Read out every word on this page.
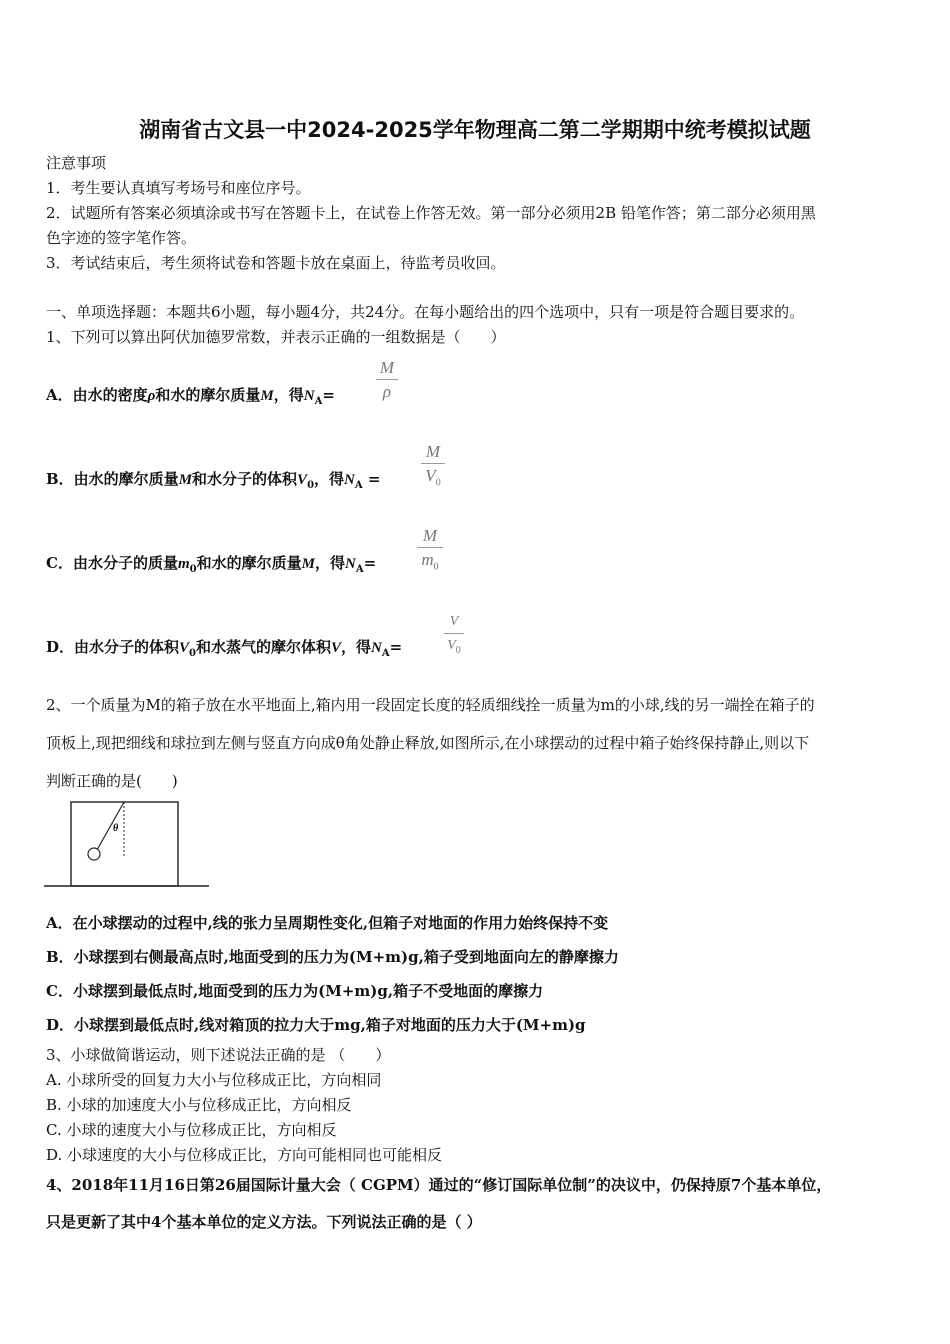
湖南省古文县一中2024-2025学年物理高二第二学期期中统考模拟试题
注意事项
1．考生要认真填写考场号和座位序号。
2．试题所有答案必须填涂或书写在答题卡上，在试卷上作答无效。第一部分必须用2B 铅笔作答；第二部分必须用黑
色字迹的签字笔作答。
3．考试结束后，考生须将试卷和答题卡放在桌面上，待监考员收回。
一、单项选择题：本题共6小题，每小题4分，共24分。在每小题给出的四个选项中，只有一项是符合题目要求的。
1、下列可以算出阿伏加德罗常数，并表示正确的一组数据是（　　）
A．由水的密度ρ和水的摩尔质量M，得$N_A=$
M
ρ
B．由水的摩尔质量M和水分子的体积$V_0$，得$N_A$ =
M
$V_0$
C．由水分子的质量$m_0$和水的摩尔质量M，得$N_A=$
M
$m_0$
D．由水分子的体积$V_0$和水蒸气的摩尔体积V，得$N_A=$
V
$V_0$
2、一个质量为M的箱子放在水平地面上,箱内用一段固定长度的轻质细线拴一质量为m的小球,线的另一端拴在箱子的
顶板上,现把细线和球拉到左侧与竖直方向成θ角处静止释放,如图所示,在小球摆动的过程中箱子始终保持静止,则以下
判断正确的是(　　)
θ
A．在小球摆动的过程中,线的张力呈周期性变化,但箱子对地面的作用力始终保持不变
B．小球摆到右侧最高点时,地面受到的压力为(M+m)g,箱子受到地面向左的静摩擦力
C．小球摆到最低点时,地面受到的压力为(M+m)g,箱子不受地面的摩擦力
D．小球摆到最低点时,线对箱顶的拉力大于mg,箱子对地面的压力大于(M+m)g
3、小球做简谐运动，则下述说法正确的是 （　　）
A. 小球所受的回复力大小与位移成正比，方向相同
B. 小球的加速度大小与位移成正比，方向相反
C. 小球的速度大小与位移成正比，方向相反
D. 小球速度的大小与位移成正比，方向可能相同也可能相反
4、2018年11月16日第26届国际计量大会（ CGPM）通过的“修订国际单位制”的决议中，仍保持原7个基本单位，
只是更新了其中4个基本单位的定义方法。下列说法正确的是（ ）
